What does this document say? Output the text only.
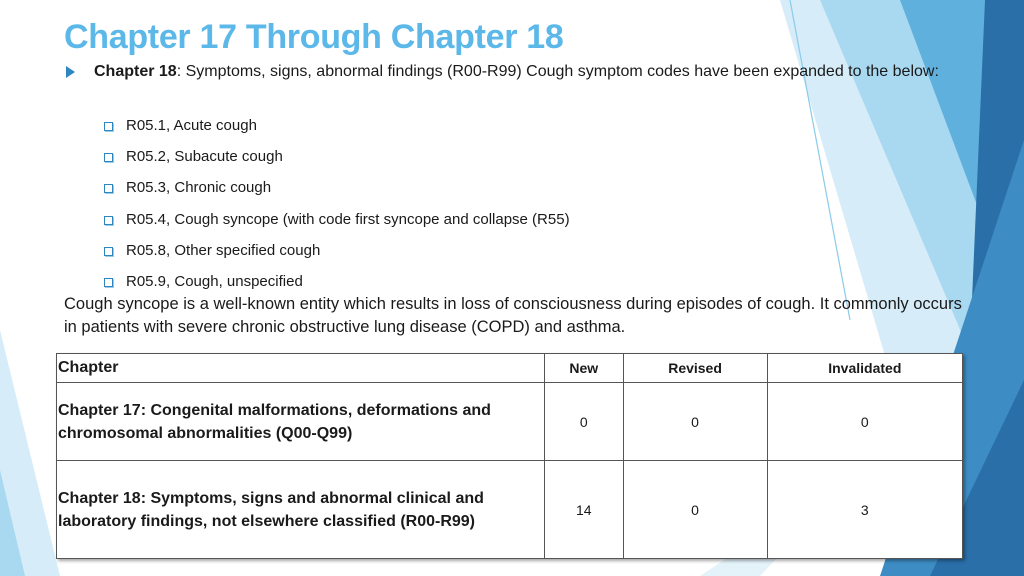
Chapter 17 Through Chapter 18
Chapter 18: Symptoms, signs, abnormal findings (R00-R99) Cough symptom codes have been expanded to the below:
R05.1, Acute cough
R05.2, Subacute cough
R05.3, Chronic cough
R05.4, Cough syncope (with code first syncope and collapse (R55)
R05.8, Other specified cough
R05.9, Cough, unspecified

Cough syncope is a well-known entity which results in loss of consciousness during episodes of cough. It commonly occurs in patients with severe chronic obstructive lung disease (COPD) and asthma.

Chapter	New	Revised	Invalidated
Chapter 17: Congenital malformations, deformations and chromosomal abnormalities (Q00-Q99)	0	0	0
Chapter 18: Symptoms, signs and abnormal clinical and laboratory findings, not elsewhere classified (R00-R99)	14	0	3
